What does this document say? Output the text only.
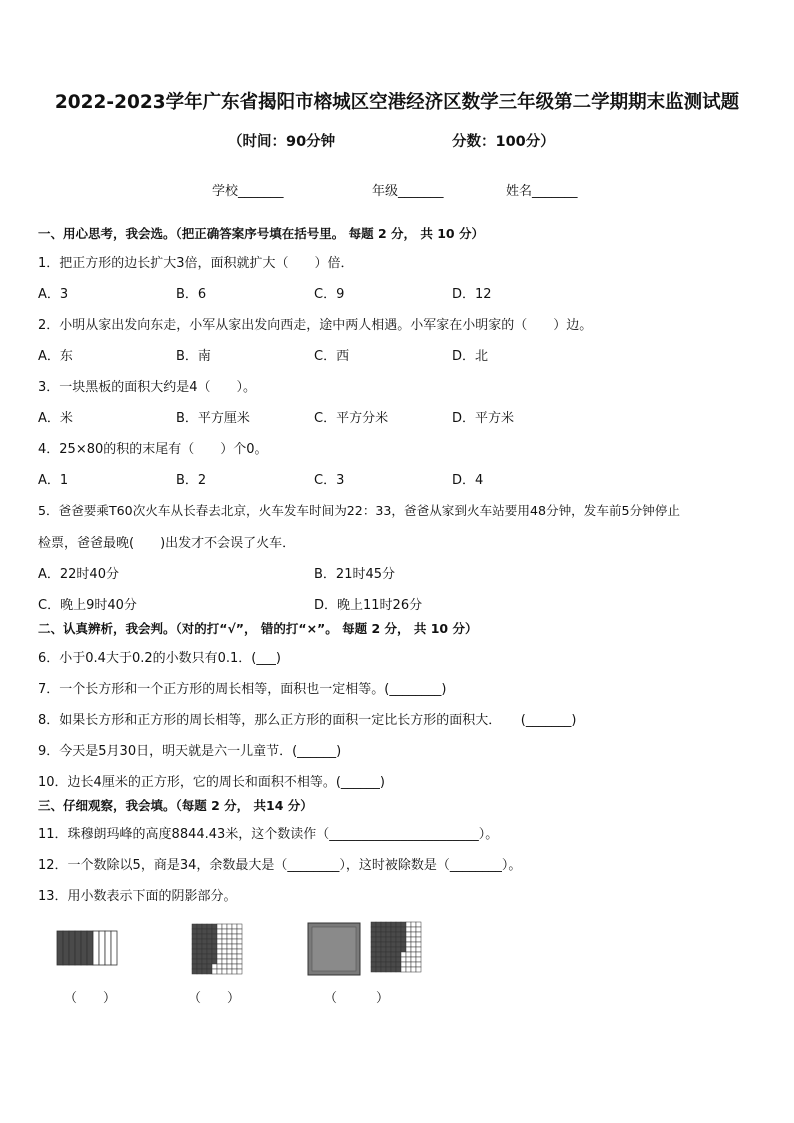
2022-2023学年广东省揭阳市榕城区空港经济区数学三年级第二学期期末监测试题
（时间：90分钟	分数：100分）
学校_______	年级_______	姓名_______
一、用心思考，我会选。（把正确答案序号填在括号里。 每题 2 分， 共 10 分）
1．把正方形的边长扩大3倍，面积就扩大（　　）倍．
A．3	B．6	C．9	D．12
2．小明从家出发向东走，小军从家出发向西走，途中两人相遇。小军家在小明家的（　　）边。
A．东	B．南	C．西	D．北
3．一块黑板的面积大约是4（　　）。
A．米	B．平方厘米	C．平方分米	D．平方米
4．25×80的积的末尾有（　　）个0。
A．1	B．2	C．3	D．4
5．爸爸要乘T60次火车从长春去北京，火车发车时间为22：33，爸爸从家到火车站要用48分钟，发车前5分钟停止
检票，爸爸最晚(　　)出发才不会误了火车．
A．22时40分	B．21时45分
C．晚上9时40分	D．晚上11时26分
二、认真辨析，我会判。（对的打“√”， 错的打“×”。 每题 2 分， 共 10 分）
6．小于0.4大于0.2的小数只有0.1．(___)
7．一个长方形和一个正方形的周长相等，面积也一定相等。(________)
8．如果长方形和正方形的周长相等，那么正方形的面积一定比长方形的面积大．　　(_______)
9．今天是5月30日，明天就是六一儿童节．(______)
10．边长4厘米的正方形，它的周长和面积不相等。(______)
三、仔细观察，我会填。（每题 2 分， 共14 分）
11．珠穆朗玛峰的高度8844.43米，这个数读作（_______________________）。
12．一个数除以5，商是34，余数最大是（________），这时被除数是（________）。
13．用小数表示下面的阴影部分。
（　　）	（　　）	（　　　）
